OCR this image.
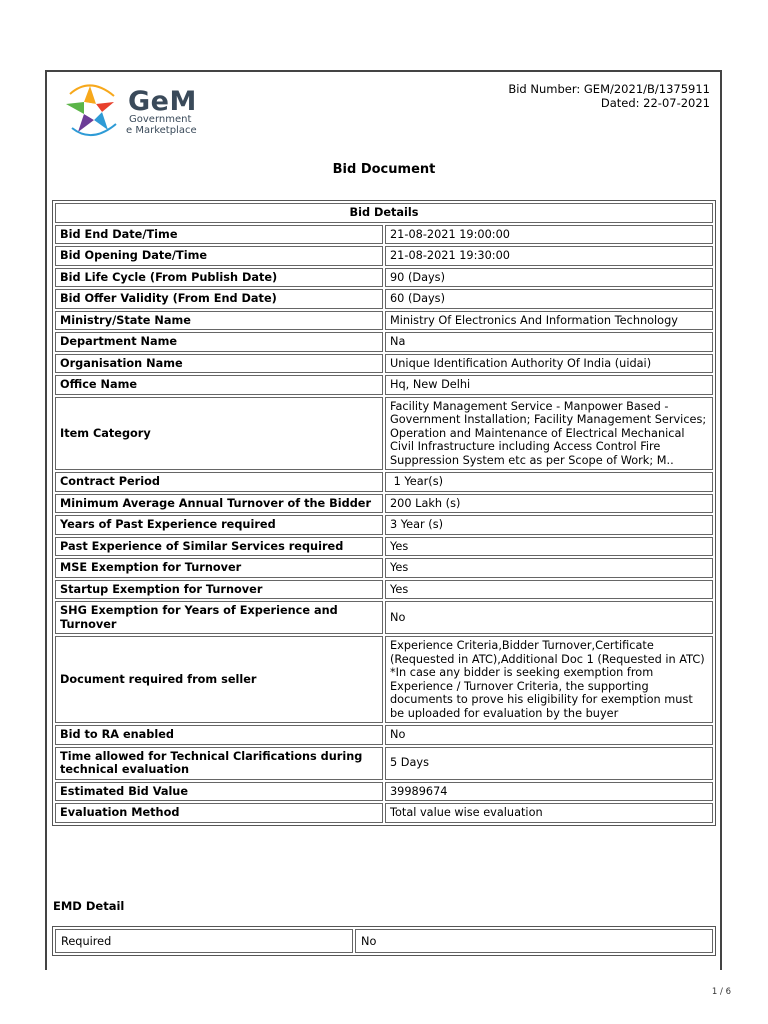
GeM
Government
e Marketplace
Bid Number: GEM/2021/B/1375911
Dated: 22-07-2021
Bid Document
Bid Details	
Bid End Date/Time	21-08-2021 19:00:00
Bid Opening Date/Time	21-08-2021 19:30:00
Bid Life Cycle (From Publish Date)	90 (Days)
Bid Offer Validity (From End Date)	60 (Days)
Ministry/State Name	Ministry Of Electronics And Information Technology
Department Name	Na
Organisation Name	Unique Identification Authority Of India (uidai)
Office Name	Hq, New Delhi
Item Category	Facility Management Service - Manpower Based - Government Installation; Facility Management Services; Operation and Maintenance of Electrical Mechanical Civil Infrastructure including Access Control Fire Suppression System etc as per Scope of Work; M..
Contract Period	1 Year(s)
Minimum Average Annual Turnover of the Bidder	200 Lakh (s)
Years of Past Experience required	3 Year (s)
Past Experience of Similar Services required	Yes
MSE Exemption for Turnover	Yes
Startup Exemption for Turnover	Yes
SHG Exemption for Years of Experience and Turnover	No
Document required from seller	Experience Criteria,Bidder Turnover,Certificate (Requested in ATC),Additional Doc 1 (Requested in ATC)
*In case any bidder is seeking exemption from Experience / Turnover Criteria, the supporting documents to prove his eligibility for exemption must be uploaded for evaluation by the buyer
Bid to RA enabled	No
Time allowed for Technical Clarifications during technical evaluation	5 Days
Estimated Bid Value	39989674
Evaluation Method	Total value wise evaluation
EMD Detail
Required	No
1 / 6
